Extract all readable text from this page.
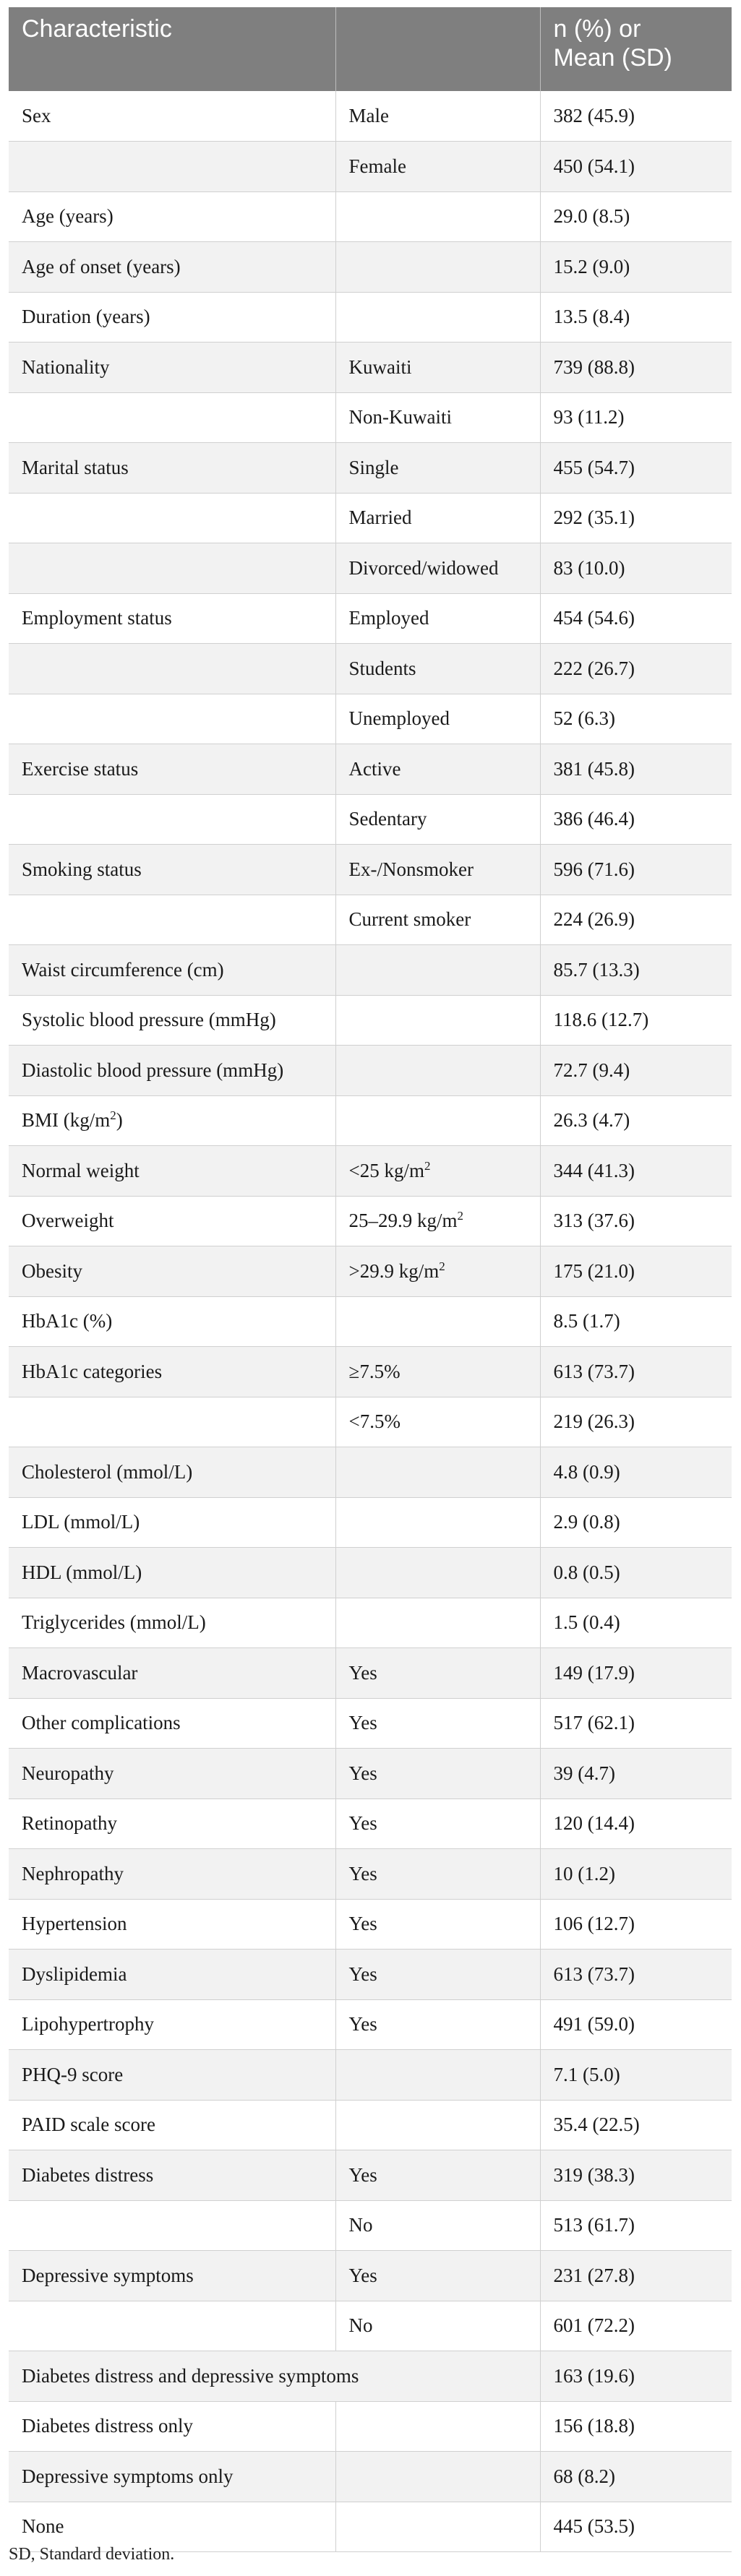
Characteristic		n (%) or
Mean (SD)
Sex	Male	382 (45.9)
	Female	450 (54.1)
Age (years)		29.0 (8.5)
Age of onset (years)		15.2 (9.0)
Duration (years)		13.5 (8.4)
Nationality	Kuwaiti	739 (88.8)
	Non-Kuwaiti	93 (11.2)
Marital status	Single	455 (54.7)
	Married	292 (35.1)
	Divorced/widowed	83 (10.0)
Employment status	Employed	454 (54.6)
	Students	222 (26.7)
	Unemployed	52 (6.3)
Exercise status	Active	381 (45.8)
	Sedentary	386 (46.4)
Smoking status	Ex-/Nonsmoker	596 (71.6)
	Current smoker	224 (26.9)
Waist circumference (cm)		85.7 (13.3)
Systolic blood pressure (mmHg)		118.6 (12.7)
Diastolic blood pressure (mmHg)		72.7 (9.4)
BMI $(kg/m^2)$		26.3 (4.7)
Normal weight	<25 $kg/m^2$	344 (41.3)
Overweight	25–29.9 $kg/m^2$	313 (37.6)
Obesity	>29.9 $kg/m^2$	175 (21.0)
HbA1c (%)		8.5 (1.7)
HbA1c categories	≥7.5%	613 (73.7)
	<7.5%	219 (26.3)
Cholesterol (mmol/L)		4.8 (0.9)
LDL (mmol/L)		2.9 (0.8)
HDL (mmol/L)		0.8 (0.5)
Triglycerides (mmol/L)		1.5 (0.4)
Macrovascular	Yes	149 (17.9)
Other complications	Yes	517 (62.1)
Neuropathy	Yes	39 (4.7)
Retinopathy	Yes	120 (14.4)
Nephropathy	Yes	10 (1.2)
Hypertension	Yes	106 (12.7)
Dyslipidemia	Yes	613 (73.7)
Lipohypertrophy	Yes	491 (59.0)
PHQ-9 score		7.1 (5.0)
PAID scale score		35.4 (22.5)
Diabetes distress	Yes	319 (38.3)
	No	513 (61.7)
Depressive symptoms	Yes	231 (27.8)
	No	601 (72.2)
Diabetes distress and depressive symptoms		163 (19.6)
Diabetes distress only		156 (18.8)
Depressive symptoms only		68 (8.2)
None		445 (53.5)
SD, Standard deviation.
